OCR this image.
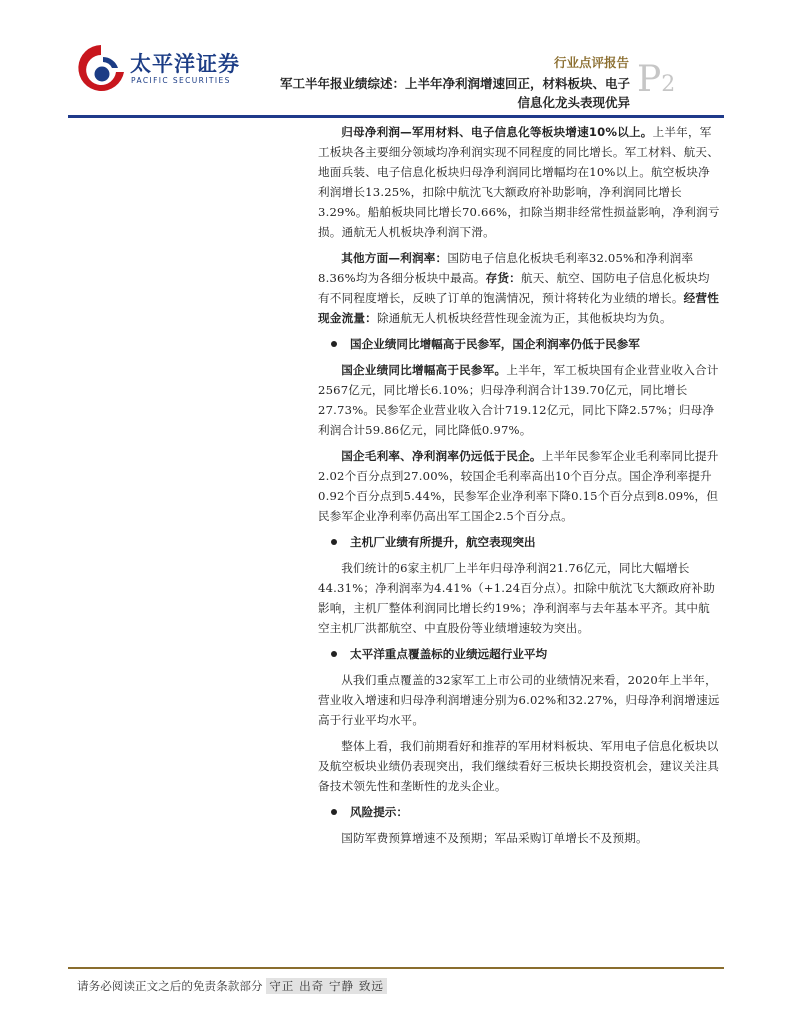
太平洋证券
PACIFIC SECURITIES
行业点评报告 P2
军工半年报业绩综述：上半年净利润增速回正，材料板块、电子
信息化龙头表现优异

归母净利润—军用材料、电子信息化等板块增速10%以上。上半年，军工板块各主要细分领域均净利润实现不同程度的同比增长。军工材料、航天、地面兵装、电子信息化板块归母净利润同比增幅均在10%以上。航空板块净利润增长13.25%，扣除中航沈飞大额政府补助影响，净利润同比增长3.29%。船舶板块同比增长70.66%，扣除当期非经常性损益影响，净利润亏损。通航无人机板块净利润下滑。

其他方面—利润率：国防电子信息化板块毛利率32.05%和净利润率8.36%均为各细分板块中最高。存货：航天、航空、国防电子信息化板块均有不同程度增长，反映了订单的饱满情况，预计将转化为业绩的增长。经营性现金流量：除通航无人机板块经营性现金流为正，其他板块均为负。

国企业绩同比增幅高于民参军，国企利润率仍低于民参军

国企业绩同比增幅高于民参军。上半年，军工板块国有企业营业收入合计2567亿元，同比增长6.10%；归母净利润合计139.70亿元，同比增长27.73%。民参军企业营业收入合计719.12亿元，同比下降2.57%；归母净利润合计59.86亿元，同比降低0.97%。

国企毛利率、净利润率仍远低于民企。上半年民参军企业毛利率同比提升2.02个百分点到27.00%，较国企毛利率高出10个百分点。国企净利率提升0.92个百分点到5.44%，民参军企业净利率下降0.15个百分点到8.09%，但民参军企业净利率仍高出军工国企2.5个百分点。

主机厂业绩有所提升，航空表现突出

我们统计的6家主机厂上半年归母净利润21.76亿元，同比大幅增长44.31%；净利润率为4.41%（+1.24百分点）。扣除中航沈飞大额政府补助影响，主机厂整体利润同比增长约19%；净利润率与去年基本平齐。其中航空主机厂洪都航空、中直股份等业绩增速较为突出。

太平洋重点覆盖标的业绩远超行业平均

从我们重点覆盖的32家军工上市公司的业绩情况来看，2020年上半年，营业收入增速和归母净利润增速分别为6.02%和32.27%，归母净利润增速远高于行业平均水平。

整体上看，我们前期看好和推荐的军用材料板块、军用电子信息化板块以及航空板块业绩仍表现突出，我们继续看好三板块长期投资机会，建议关注具备技术领先性和垄断性的龙头企业。

风险提示：

国防军费预算增速不及预期；军品采购订单增长不及预期。

请务必阅读正文之后的免责条款部分 守正 出奇 宁静 致远
